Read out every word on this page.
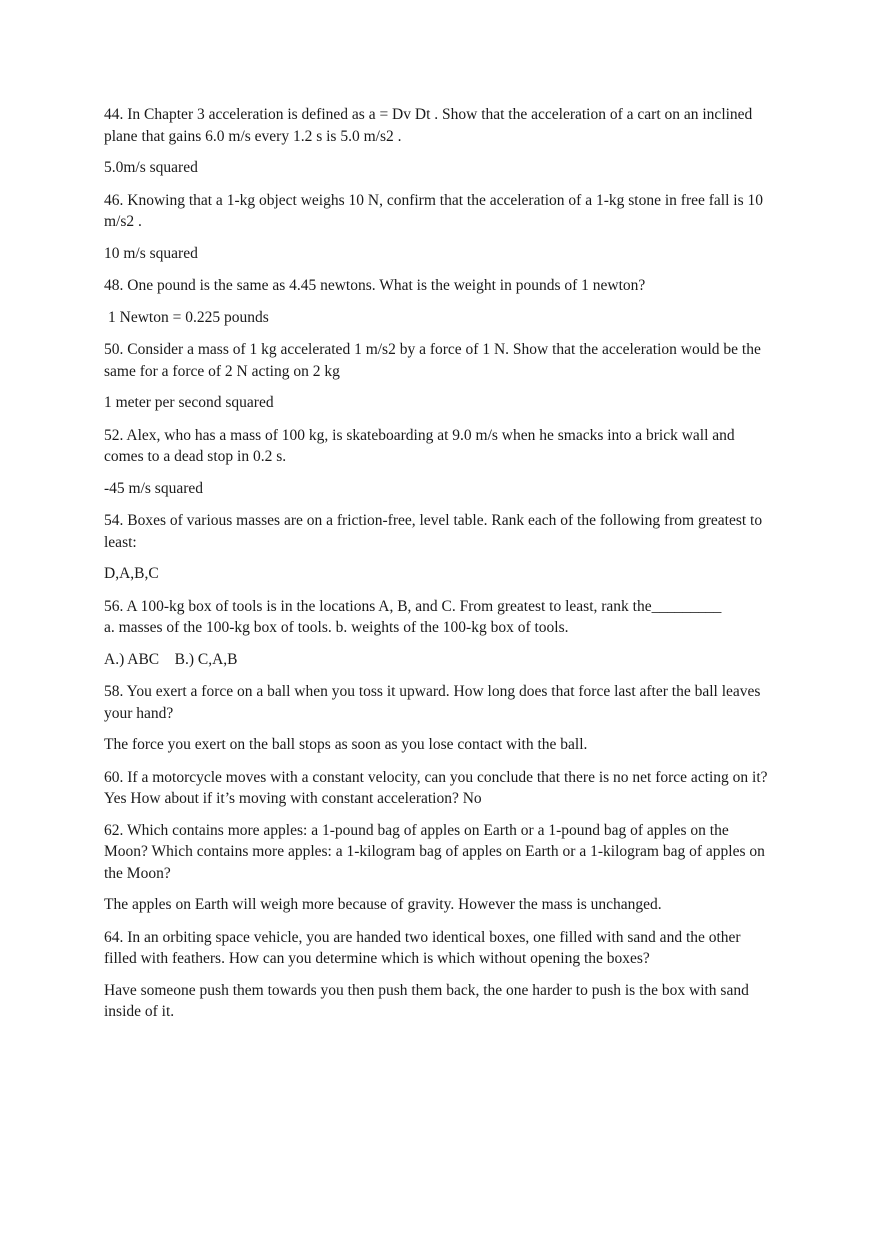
44. In Chapter 3 acceleration is defined as a = Dv Dt . Show that the acceleration of a cart on an inclined plane that gains 6.0 m/s every 1.2 s is 5.0 m/s2 .

5.0m/s squared

46. Knowing that a 1-kg object weighs 10 N, confirm that the acceleration of a 1-kg stone in free fall is 10 m/s2 .

10 m/s squared

48. One pound is the same as 4.45 newtons. What is the weight in pounds of 1 newton?

1 Newton = 0.225 pounds

50. Consider a mass of 1 kg accelerated 1 m/s2 by a force of 1 N. Show that the acceleration would be the same for a force of 2 N acting on 2 kg

1 meter per second squared

52. Alex, who has a mass of 100 kg, is skateboarding at 9.0 m/s when he smacks into a brick wall and comes to a dead stop in 0.2 s.

-45 m/s squared

54. Boxes of various masses are on a friction-free, level table. Rank each of the following from greatest to least:

D,A,B,C

56. A 100-kg box of tools is in the locations A, B, and C. From greatest to least, rank the_________
a. masses of the 100-kg box of tools. b. weights of the 100-kg box of tools.

A.) ABC    B.) C,A,B

58. You exert a force on a ball when you toss it upward. How long does that force last after the ball leaves your hand?

The force you exert on the ball stops as soon as you lose contact with the ball.

60. If a motorcycle moves with a constant velocity, can you conclude that there is no net force acting on it? Yes How about if it’s moving with constant acceleration? No

62. Which contains more apples: a 1-pound bag of apples on Earth or a 1-pound bag of apples on the Moon? Which contains more apples: a 1-kilogram bag of apples on Earth or a 1-kilogram bag of apples on the Moon?

The apples on Earth will weigh more because of gravity. However the mass is unchanged.

64. In an orbiting space vehicle, you are handed two identical boxes, one filled with sand and the other filled with feathers. How can you determine which is which without opening the boxes?

Have someone push them towards you then push them back, the one harder to push is the box with sand inside of it.
